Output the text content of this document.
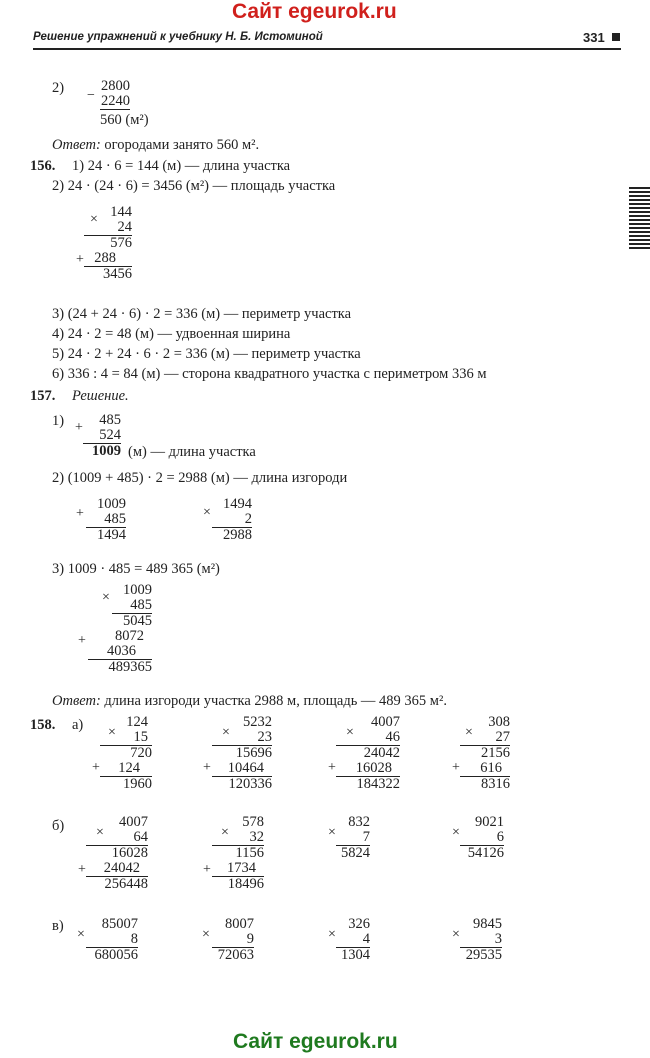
Сайт egeurok.ru
Решение упражнений к учебнику Н. Б. Истоминой	331
2) −
2800
2240
560 (м²)
Ответ: огородами занято 560 м².
156. 1) 24 · 6 = 144 (м) — длина участка
2) 24 · (24 · 6) = 3456 (м²) — площадь участка
×
+
144
24
576
288
3456
3) (24 + 24 · 6) · 2 = 336 (м) — периметр участка
4) 24 · 2 = 48 (м) — удвоенная ширина
5) 24 · 2 + 24 · 6 · 2 = 336 (м) — периметр участка
6) 336 : 4 = 84 (м) — сторона квадратного участка с периметром 336 м
157. Решение.
1) +	485
524
1009 (м) — длина участка
2) (1009 + 485) · 2 = 2988 (м) — длина изгороди
+
1009
485
1494
×
1494
2
2988
3) 1009 · 485 = 489 365 (м²)
×
+
1009
485
5045
8072
4036
489365
Ответ: длина изгороди участка 2988 м, площадь — 489 365 м².
158. а) ×
+
124
15
720
124
1960
×
+
5232
23
15696
10464
120336
×
+
4007
46
24042
16028
184322
×
+
308
27
2156
616
8316
б) ×
+
4007
64
16028
24042
256448
×
+
578
32
1156
1734
18496
×
832
7
5824
×
9021
6
54126
в)
×
85007
8
680056
×
8007
9
72063
×
326
4
1304
×
9845
3
29535
Сайт egeurok.ru
